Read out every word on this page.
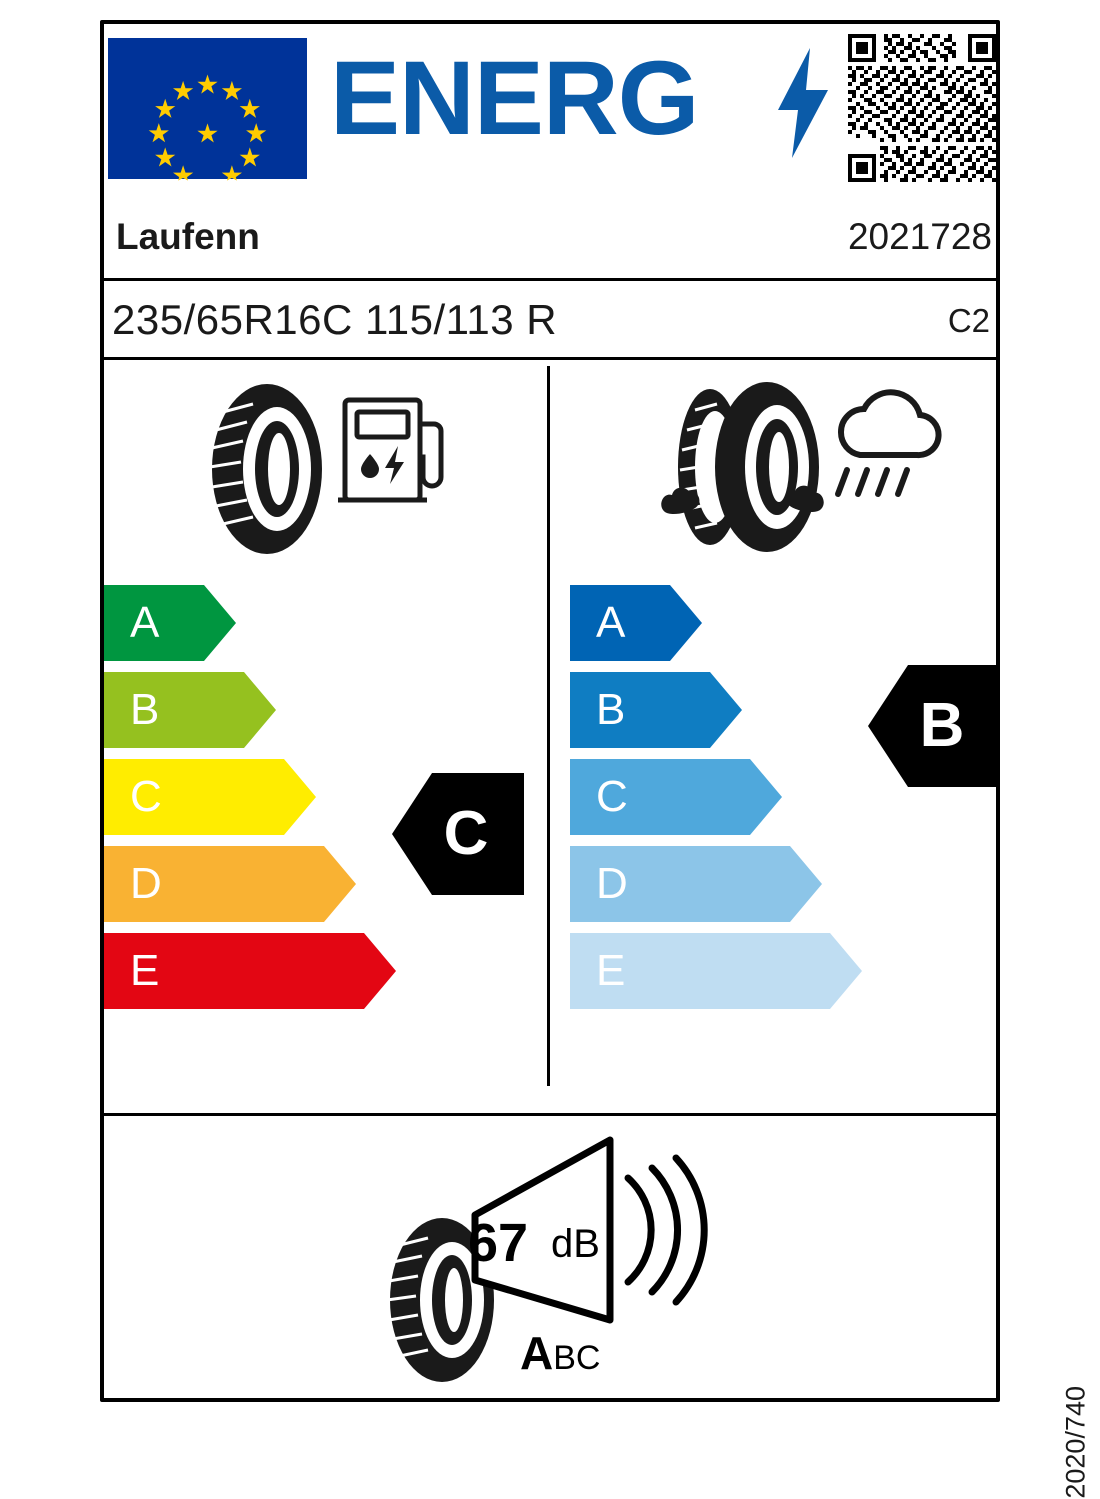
ENERG
Laufenn	2021728
235/65R16C 115/113 R	C2
A
B
C
D
E
A
B
C
D
E
C
B
67 dB
ABC
2020/740
